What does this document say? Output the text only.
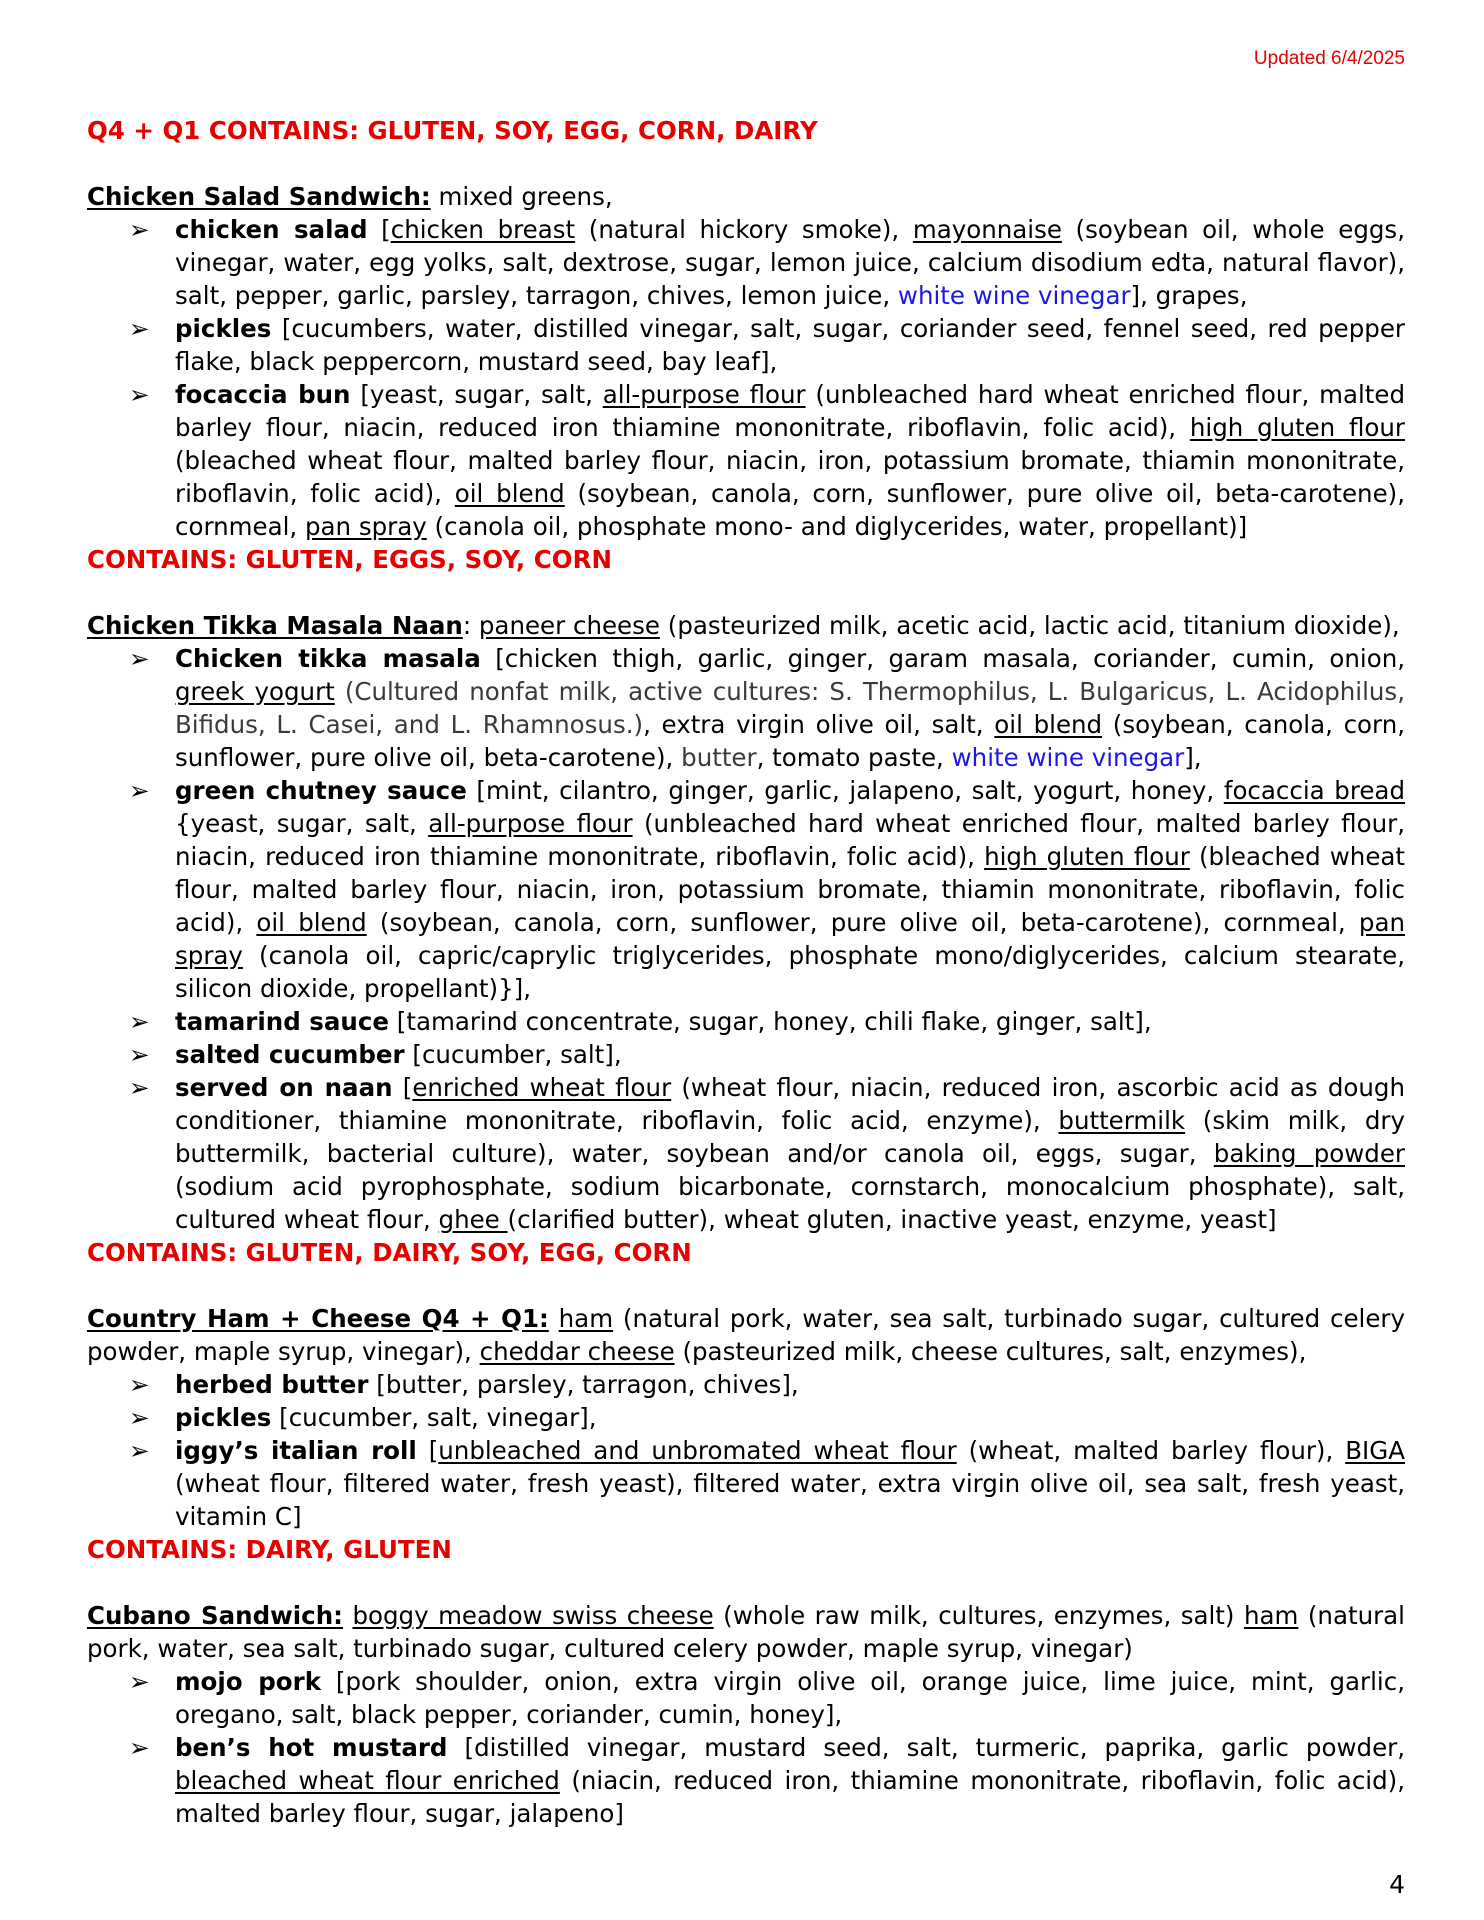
Updated 6/4/2025
Q4 + Q1 CONTAINS: GLUTEN, SOY, EGG, CORN, DAIRY
Chicken Salad Sandwich: mixed greens,
➢ chicken salad [chicken breast (natural hickory smoke), mayonnaise (soybean oil, whole eggs, vinegar, water, egg yolks, salt, dextrose, sugar, lemon juice, calcium disodium edta, natural flavor), salt, pepper, garlic, parsley, tarragon, chives, lemon juice, white wine vinegar], grapes,
➢ pickles [cucumbers, water, distilled vinegar, salt, sugar, coriander seed, fennel seed, red pepper flake, black peppercorn, mustard seed, bay leaf],
➢ focaccia bun [yeast, sugar, salt, all-purpose flour (unbleached hard wheat enriched flour, malted barley flour, niacin, reduced iron thiamine mononitrate, riboflavin, folic acid), high gluten flour (bleached wheat flour, malted barley flour, niacin, iron, potassium bromate, thiamin mononitrate, riboflavin, folic acid), oil blend (soybean, canola, corn, sunflower, pure olive oil, beta-carotene), cornmeal, pan spray (canola oil, phosphate mono- and diglycerides, water, propellant)]
CONTAINS: GLUTEN, EGGS, SOY, CORN
Chicken Tikka Masala Naan: paneer cheese (pasteurized milk, acetic acid, lactic acid, titanium dioxide),
➢ Chicken tikka masala [chicken thigh, garlic, ginger, garam masala, coriander, cumin, onion, greek yogurt (Cultured nonfat milk, active cultures: S. Thermophilus, L. Bulgaricus, L. Acidophilus, Bifidus, L. Casei, and L. Rhamnosus.), extra virgin olive oil, salt, oil blend (soybean, canola, corn, sunflower, pure olive oil, beta-carotene), butter, tomato paste, white wine vinegar],
➢ green chutney sauce [mint, cilantro, ginger, garlic, jalapeno, salt, yogurt, honey, focaccia bread {yeast, sugar, salt, all-purpose flour (unbleached hard wheat enriched flour, malted barley flour, niacin, reduced iron thiamine mononitrate, riboflavin, folic acid), high gluten flour (bleached wheat flour, malted barley flour, niacin, iron, potassium bromate, thiamin mononitrate, riboflavin, folic acid), oil blend (soybean, canola, corn, sunflower, pure olive oil, beta-carotene), cornmeal, pan spray (canola oil, capric/caprylic triglycerides, phosphate mono/diglycerides, calcium stearate, silicon dioxide, propellant)}],
➢ tamarind sauce [tamarind concentrate, sugar, honey, chili flake, ginger, salt],
➢ salted cucumber [cucumber, salt],
➢ served on naan [enriched wheat flour (wheat flour, niacin, reduced iron, ascorbic acid as dough conditioner, thiamine mononitrate, riboflavin, folic acid, enzyme), buttermilk (skim milk, dry buttermilk, bacterial culture), water, soybean and/or canola oil, eggs, sugar, baking powder (sodium acid pyrophosphate, sodium bicarbonate, cornstarch, monocalcium phosphate), salt, cultured wheat flour, ghee (clarified butter), wheat gluten, inactive yeast, enzyme, yeast]
CONTAINS: GLUTEN, DAIRY, SOY, EGG, CORN
Country Ham + Cheese Q4 + Q1: ham (natural pork, water, sea salt, turbinado sugar, cultured celery powder, maple syrup, vinegar), cheddar cheese (pasteurized milk, cheese cultures, salt, enzymes),
➢ herbed butter [butter, parsley, tarragon, chives],
➢ pickles [cucumber, salt, vinegar],
➢ iggy’s italian roll [unbleached and unbromated wheat flour (wheat, malted barley flour), BIGA (wheat flour, filtered water, fresh yeast), filtered water, extra virgin olive oil, sea salt, fresh yeast, vitamin C]
CONTAINS: DAIRY, GLUTEN
Cubano Sandwich: boggy meadow swiss cheese (whole raw milk, cultures, enzymes, salt) ham (natural pork, water, sea salt, turbinado sugar, cultured celery powder, maple syrup, vinegar)
➢ mojo pork [pork shoulder, onion, extra virgin olive oil, orange juice, lime juice, mint, garlic, oregano, salt, black pepper, coriander, cumin, honey],
➢ ben’s hot mustard [distilled vinegar, mustard seed, salt, turmeric, paprika, garlic powder, bleached wheat flour enriched (niacin, reduced iron, thiamine mononitrate, riboflavin, folic acid), malted barley flour, sugar, jalapeno]
4
